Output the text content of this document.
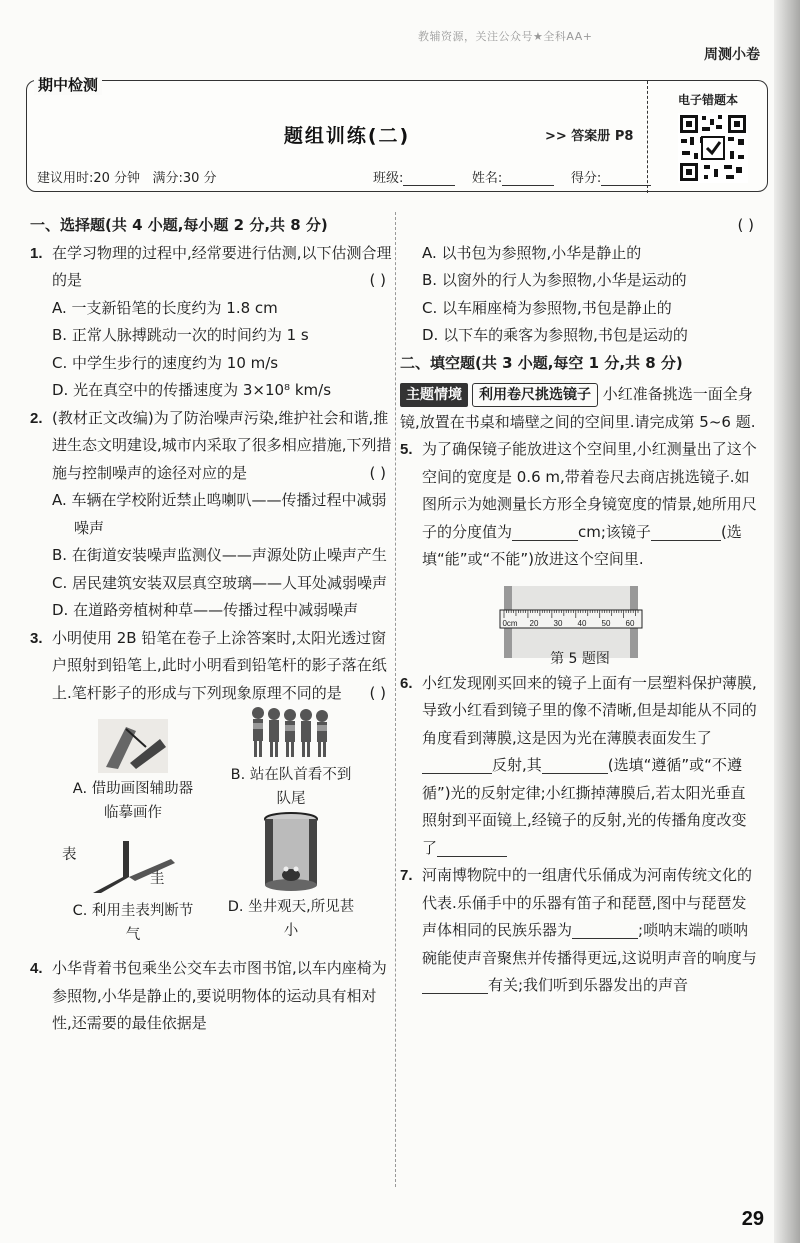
教辅资源，关注公众号★全科AA+
周测小卷
题组训练(二)	>> 答案册 P8
建议用时:20 分钟 满分:30 分	班级:	姓名:	得分:
电子错题本
期中检测
一、选择题(共 4 小题,每小题 2 分,共 8 分)
1. 在学习物理的过程中,经常要进行估测,以下估测合理的是	( )
A. 一支新铅笔的长度约为 1.8 cm
B. 正常人脉搏跳动一次的时间约为 1 s
C. 中学生步行的速度约为 10 m/s
D. 光在真空中的传播速度为 3×10⁸ km/s
2. (教材正文改编)为了防治噪声污染,维护社会和谐,推进生态文明建设,城市内采取了很多相应措施,下列措施与控制噪声的途径对应的是	( )
A. 车辆在学校附近禁止鸣喇叭——传播过程中减弱噪声
B. 在街道安装噪声监测仪——声源处防止噪声产生
C. 居民建筑安装双层真空玻璃——人耳处减弱噪声
D. 在道路旁植树种草——传播过程中减弱噪声
3. 小明使用 2B 铅笔在卷子上涂答案时,太阳光透过窗户照射到铅笔上,此时小明看到铅笔杆的影子落在纸上.笔杆影子的形成与下列现象原理不同的是 ( )
A. 借助画图辅助器临摹画作
B. 站在队首看不到队尾
表
圭
C. 利用圭表判断节气
D. 坐井观天,所见甚小
4. 小华背着书包乘坐公交车去市图书馆,以车内座椅为参照物,小华是静止的,要说明物体的运动具有相对性,还需要的最佳依据是
( )
A. 以书包为参照物,小华是静止的
B. 以窗外的行人为参照物,小华是运动的
C. 以车厢座椅为参照物,书包是静止的
D. 以下车的乘客为参照物,书包是运动的
二、填空题(共 3 小题,每空 1 分,共 8 分)
主题情境 利用卷尺挑选镜子 小红准备挑选一面全身镜,放置在书桌和墙壁之间的空间里.请完成第 5~6 题.
5. 为了确保镜子能放进这个空间里,小红测量出了这个空间的宽度是 0.6 m,带着卷尺去商店挑选镜子.如图所示为她测量长方形全身镜宽度的情景,她所用尺子的分度值为	cm;该镜子	(选填“能”或“不能”)放进这个空间里.
0cm 20 30 40 50 60
第 5 题图
6. 小红发现刚买回来的镜子上面有一层塑料保护薄膜,导致小红看到镜子里的像不清晰,但是却能从不同的角度看到薄膜,这是因为光在薄膜表面发生了反射,其	(选填“遵循”或“不遵循”)光的反射定律;小红撕掉薄膜后,若太阳光垂直照射到平面镜上,经镜子的反射,光的传播角度改变了
7. 河南博物院中的一组唐代乐俑成为河南传统文化的代表.乐俑手中的乐器有笛子和琵琶,图中与琵琶发声体相同的民族乐器为	;唢呐末端的唢呐碗能使声音聚焦并传播得更远,这说明声音的响度与有关;我们听到乐器发出的声音
29
